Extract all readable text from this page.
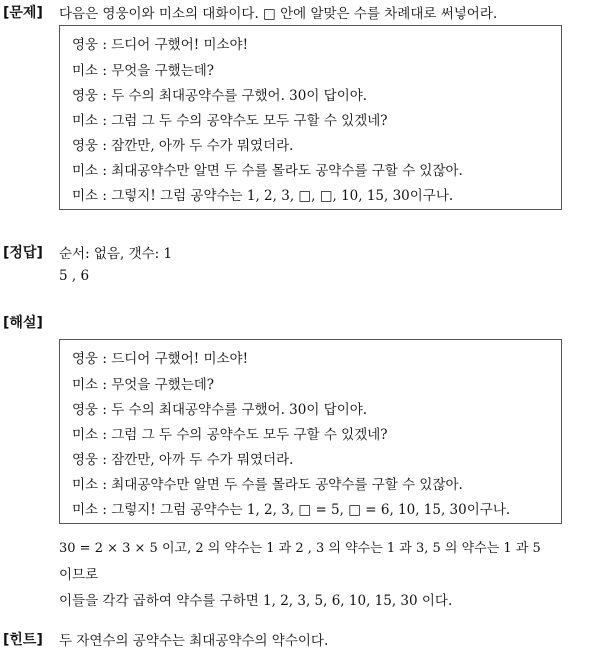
[문제] 다음은 영웅이와 미소의 대화이다. □ 안에 알맞은 수를 차례대로 써넣어라.
영웅 : 드디어 구했어! 미소야!
미소 : 무엇을 구했는데?
영웅 : 두 수의 최대공약수를 구했어. 30이 답이야.
미소 : 그럼 그 두 수의 공약수도 모두 구할 수 있겠네?
영웅 : 잠깐만, 아까 두 수가 뭐였더라.
미소 : 최대공약수만 알면 두 수를 몰라도 공약수를 구할 수 있잖아.
미소 : 그렇지! 그럼 공약수는 1, 2, 3, □, □, 10, 15, 30이구나.
[정답] 순서: 없음, 갯수: 1
5 , 6
[해설]
영웅 : 드디어 구했어! 미소야!
미소 : 무엇을 구했는데?
영웅 : 두 수의 최대공약수를 구했어. 30이 답이야.
미소 : 그럼 그 두 수의 공약수도 모두 구할 수 있겠네?
영웅 : 잠깐만, 아까 두 수가 뭐였더라.
미소 : 최대공약수만 알면 두 수를 몰라도 공약수를 구할 수 있잖아.
미소 : 그렇지! 그럼 공약수는 1, 2, 3, □ = 5, □ = 6, 10, 15, 30이구나.
30 = 2 × 3 × 5 이고, 2 의 약수는 1 과 2 , 3 의 약수는 1 과 3, 5 의 약수는 1 과 5
이므로
이들을 각각 곱하여 약수를 구하면 1, 2, 3, 5, 6, 10, 15, 30 이다.
[힌트] 두 자연수의 공약수는 최대공약수의 약수이다.
